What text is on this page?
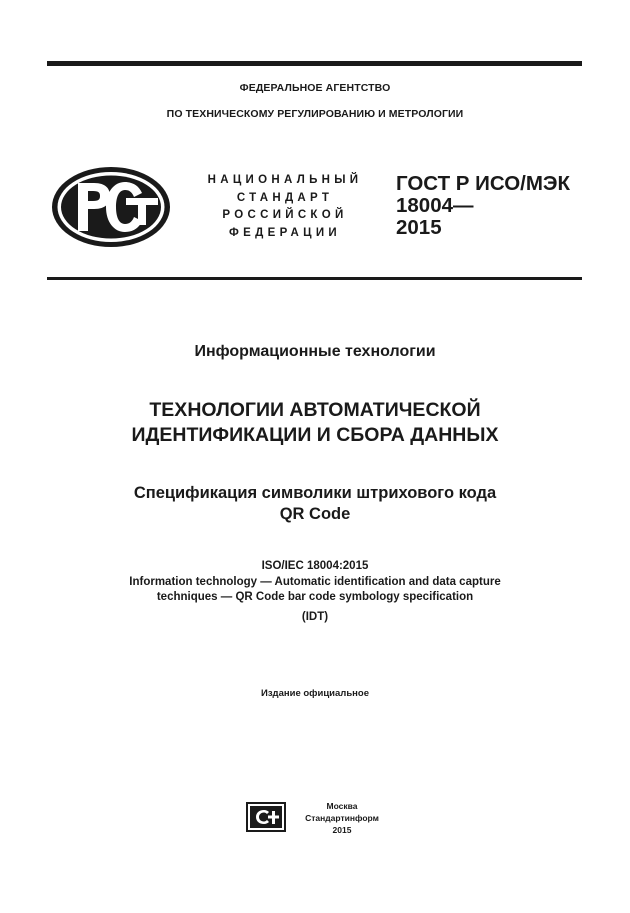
ФЕДЕРАЛЬНОЕ АГЕНТСТВО
ПО ТЕХНИЧЕСКОМУ РЕГУЛИРОВАНИЮ И МЕТРОЛОГИИ
НАЦИОНАЛЬНЫЙ
СТАНДАРТ
РОССИЙСКОЙ
ФЕДЕРАЦИИ
ГОСТ Р ИСО/МЭК
18004—
2015
Информационные технологии
ТЕХНОЛОГИИ АВТОМАТИЧЕСКОЙ
ИДЕНТИФИКАЦИИ И СБОРА ДАННЫХ
Спецификация символики штрихового кода
QR Code
ISO/IEC 18004:2015
Information technology — Automatic identification and data capture
techniques — QR Code bar code symbology specification
(IDT)
Издание официальное
Москва
Стандартинформ
2015
